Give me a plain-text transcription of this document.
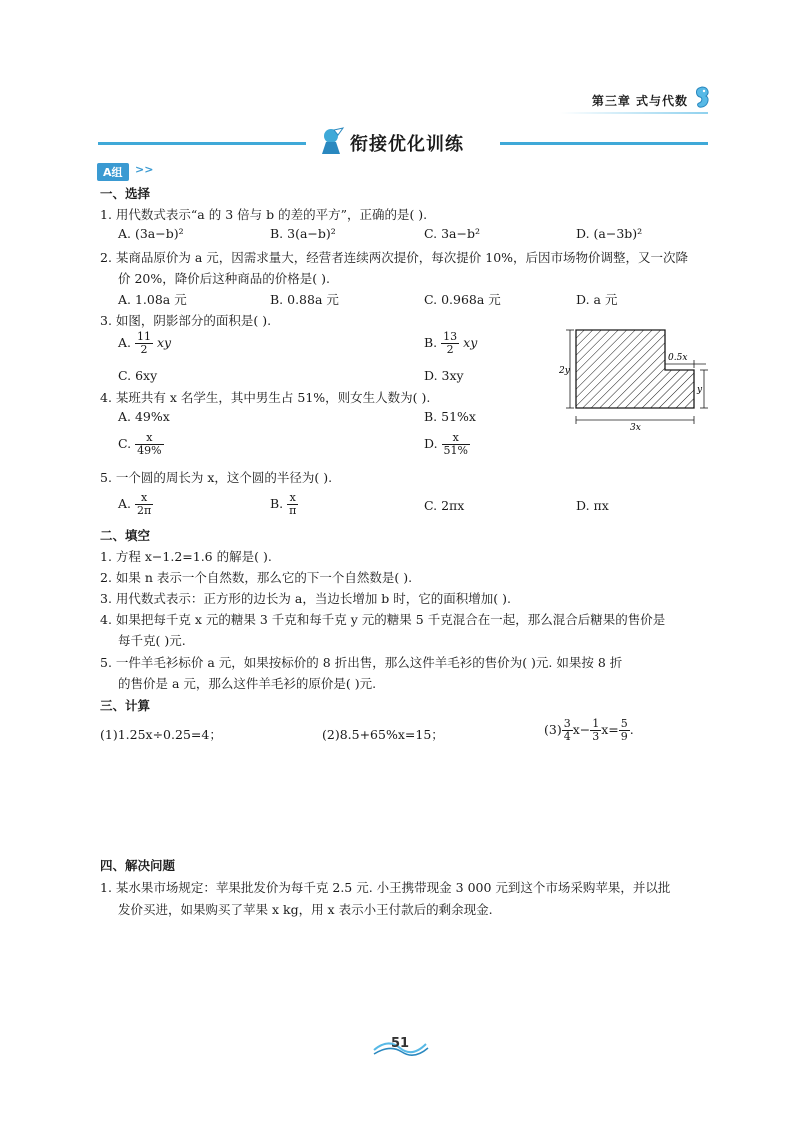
第三章 式与代数
衔接优化训练
A组	>>
一、选择
1. 用代数式表示“a 的 3 倍与 b 的差的平方”，正确的是( ).
A. (3a−b)²	B. 3(a−b)²	C. 3a−b²	D. (a−3b)²
2. 某商品原价为 a 元，因需求量大，经营者连续两次提价，每次提价 10%，后因市场物价调整，又一次降
价 20%，降价后这种商品的价格是( ).
A. 1.08a 元	B. 0.88a 元	C. 0.968a 元	D. a 元
3. 如图，阴影部分的面积是( ).
A. $\frac{11}{2}$ xy	B. $\frac{13}{2}$ xy
C. 6xy	D. 3xy	2y
0.5x
y
3x
4. 某班共有 x 名学生，其中男生占 51%，则女生人数为( ).
A. 49%x	B. 51%x
C. $\frac{x}{49\%}$	D. $\frac{x}{51\%}$
5. 一个圆的周长为 x，这个圆的半径为( ).
A. $\frac{x}{2\pi}$	B. $\frac{x}{\pi}$	C. 2πx	D. πx
二、填空
1. 方程 x−1.2=1.6 的解是( ).
2. 如果 n 表示一个自然数，那么它的下一个自然数是( ).
3. 用代数式表示：正方形的边长为 a，当边长增加 b 时，它的面积增加( ).
4. 如果把每千克 x 元的糖果 3 千克和每千克 y 元的糖果 5 千克混合在一起，那么混合后糖果的售价是
每千克( )元.
5. 一件羊毛衫标价 a 元，如果按标价的 8 折出售，那么这件羊毛衫的售价为( )元. 如果按 8 折
的售价是 a 元，那么这件羊毛衫的原价是( )元.
三、计算
(1)1.25x÷0.25=4；	(2)8.5+65%x=15；	$(3) \frac{3}{4} x- \frac{1}{3} x= \frac{5}{9}$ .
四、解决问题
1. 某水果市场规定：苹果批发价为每千克 2.5 元. 小王携带现金 3 000 元到这个市场采购苹果，并以批
发价买进，如果购买了苹果 x kg，用 x 表示小王付款后的剩余现金.
51
